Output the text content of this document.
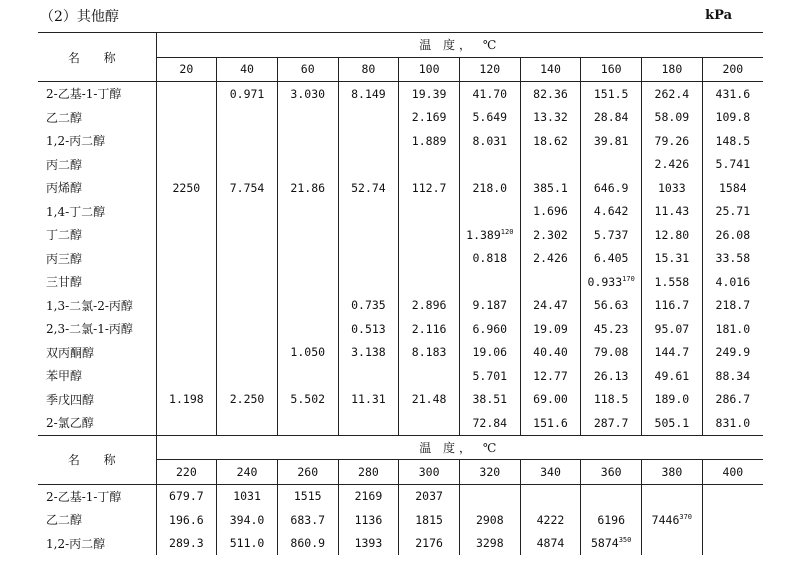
（2）其他醇	kPa
名 称	温 度， ℃									
	20	40	60	80	100	120	140	160	180	200
2-乙基-1-丁醇		0.971	3.030	8.149	19.39	41.70	82.36	151.5	262.4	431.6
乙二醇					2.169	5.649	13.32	28.84	58.09	109.8
1,2-丙二醇					1.889	8.031	18.62	39.81	79.26	148.5
丙二醇									2.426	5.741
丙烯醇	2250	7.754	21.86	52.74	112.7	218.0	385.1	646.9	1033	1584
1,4-丁二醇							1.696	4.642	11.43	25.71
丁二醇						1.389$^{120}$	2.302	5.737	12.80	26.08
丙三醇						0.818	2.426	6.405	15.31	33.58
三甘醇								0.933$^{170}$	1.558	4.016
1,3-二氯-2-丙醇				0.735	2.896	9.187	24.47	56.63	116.7	218.7
2,3-二氯-1-丙醇				0.513	2.116	6.960	19.09	45.23	95.07	181.0
双丙酮醇			1.050	3.138	8.183	19.06	40.40	79.08	144.7	249.9
苯甲醇						5.701	12.77	26.13	49.61	88.34
季戊四醇	1.198	2.250	5.502	11.31	21.48	38.51	69.00	118.5	189.0	286.7
2-氯乙醇						72.84	151.6	287.7	505.1	831.0
名 称	温 度， ℃									
	220	240	260	280	300	320	340	360	380	400
2-乙基-1-丁醇	679.7	1031	1515	2169	2037					
乙二醇	196.6	394.0	683.7	1136	1815	2908	4222	6196	7446$^{370}$	
1,2-丙二醇	289.3	511.0	860.9	1393	2176	3298	4874	5874$^{350}$		
